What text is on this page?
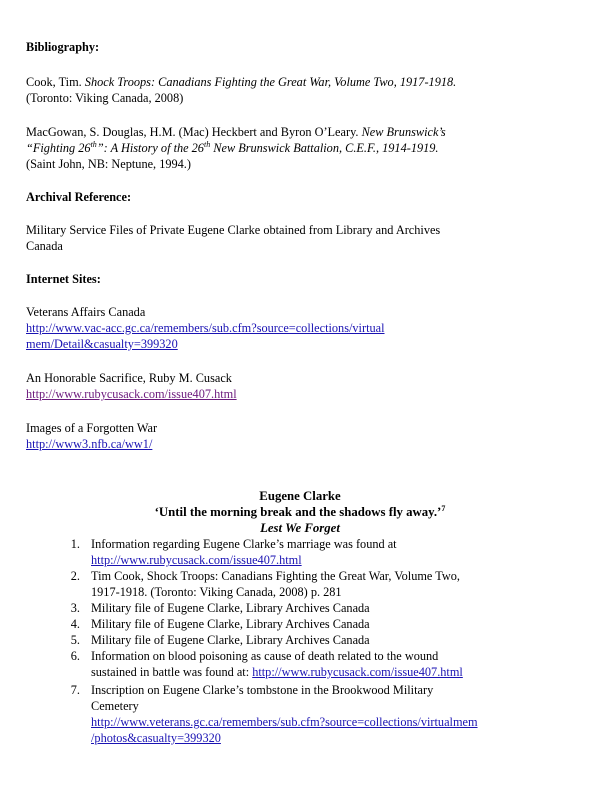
Bibliography:
Cook, Tim. Shock Troops: Canadians Fighting the Great War, Volume Two, 1917-1918.
(Toronto: Viking Canada, 2008)
MacGowan, S. Douglas, H.M. (Mac) Heckbert and Byron O’Leary. New Brunswick’s
“Fighting 26th”: A History of the 26th New Brunswick Battalion, C.E.F., 1914-1919.
(Saint John, NB: Neptune, 1994.)
Archival Reference:
Military Service Files of Private Eugene Clarke obtained from Library and Archives
Canada
Internet Sites:
Veterans Affairs Canada
http://www.vac-acc.gc.ca/remembers/sub.cfm?source=collections/virtual
mem/Detail&casualty=399320
An Honorable Sacrifice, Ruby M. Cusack
http://www.rubycusack.com/issue407.html
Images of a Forgotten War
http://www3.nfb.ca/ww1/
Eugene Clarke
‘Until the morning break and the shadows fly away.’$^7$
Lest We Forget
1. Information regarding Eugene Clarke’s marriage was found at
http://www.rubycusack.com/issue407.html
2. Tim Cook, Shock Troops: Canadians Fighting the Great War, Volume Two,
1917-1918. (Toronto: Viking Canada, 2008) p. 281
3. Military file of Eugene Clarke, Library Archives Canada
4. Military file of Eugene Clarke, Library Archives Canada
5. Military file of Eugene Clarke, Library Archives Canada
6. Information on blood poisoning as cause of death related to the wound
sustained in battle was found at: http://www.rubycusack.com/issue407.html
7. Inscription on Eugene Clarke’s tombstone in the Brookwood Military
Cemetery
http://www.veterans.gc.ca/remembers/sub.cfm?source=collections/virtualmem
/photos&casualty=399320
